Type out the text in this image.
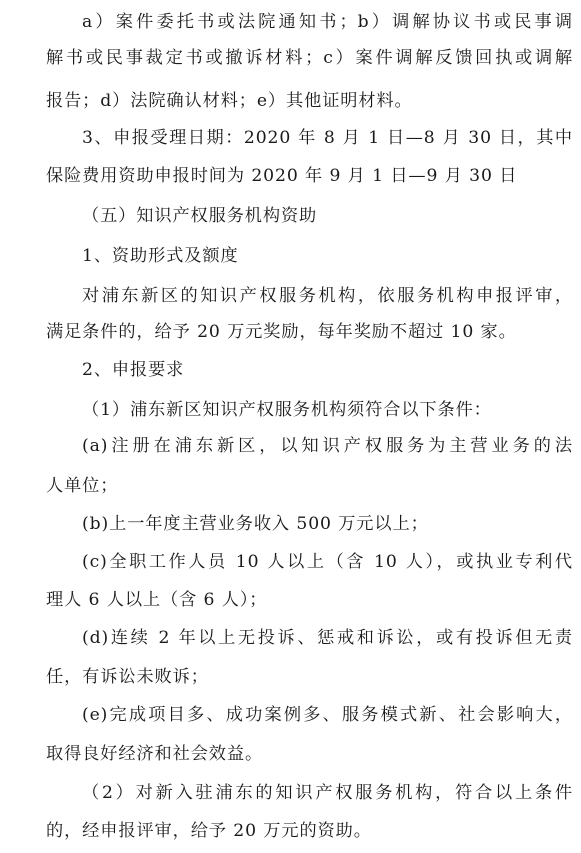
a）案件委托书或法院通知书；b）调解协议书或民事调
解书或民事裁定书或撤诉材料；c）案件调解反馈回执或调解
报告；d）法院确认材料；e）其他证明材料。
3、申报受理日期：2020 年 8 月 1 日—8 月 30 日，其中
保险费用资助申报时间为 2020 年 9 月 1 日—9 月 30 日
（五）知识产权服务机构资助
1、资助形式及额度
对浦东新区的知识产权服务机构，依服务机构申报评审，
满足条件的，给予 20 万元奖励，每年奖励不超过 10 家。
2、申报要求
（1）浦东新区知识产权服务机构须符合以下条件：
(a)注册在浦东新区，以知识产权服务为主营业务的法
人单位；
(b)上一年度主营业务收入 500 万元以上；
(c)全职工作人员 10 人以上（含 10 人），或执业专利代
理人 6 人以上（含 6 人）；
(d)连续 2 年以上无投诉、惩戒和诉讼，或有投诉但无责
任，有诉讼未败诉；
(e)完成项目多、成功案例多、服务模式新、社会影响大，
取得良好经济和社会效益。
（2）对新入驻浦东的知识产权服务机构，符合以上条件
的，经申报评审，给予 20 万元的资助。
